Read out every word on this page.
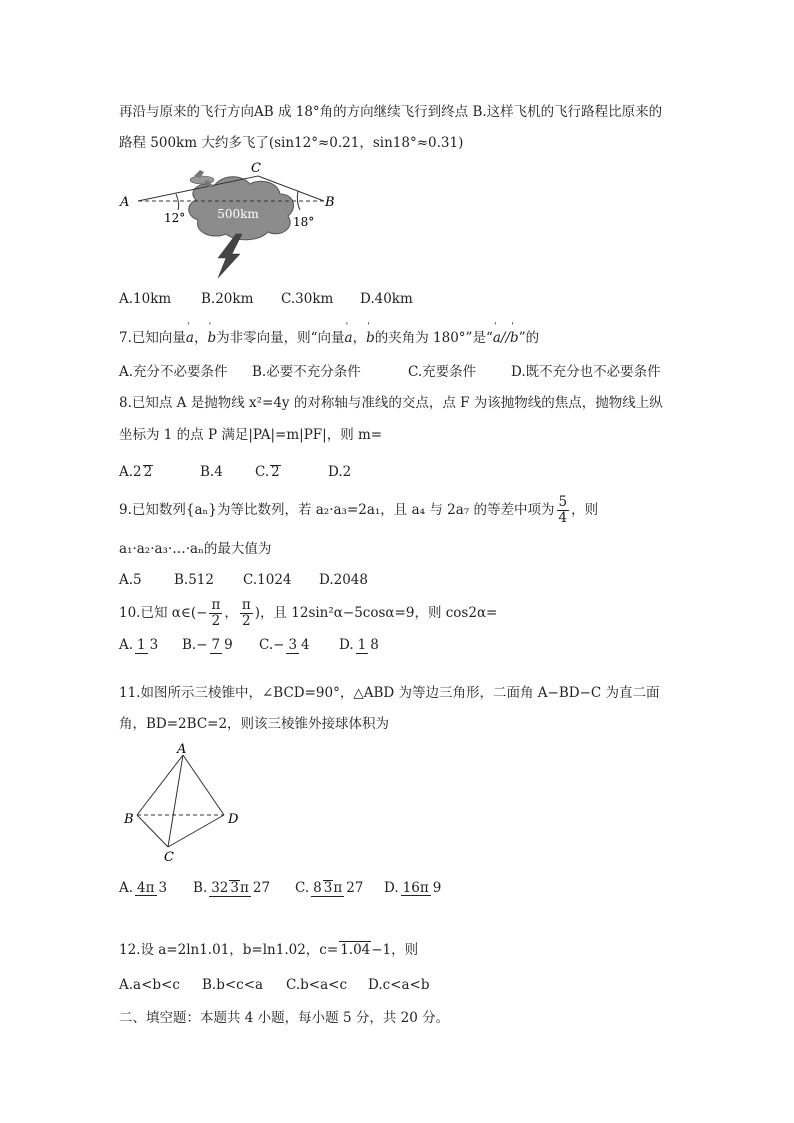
再沿与原来的飞行方向AB 成 18°角的方向继续飞行到终点 B.这样飞机的飞行路程比原来的
路程 500km 大约多飞了(sin12°≈0.21，sin18°≈0.31)
500km
A	B
C
12°	18°
A.10km B.20km C.30km D.40km
7.已知向量ˈ a，ˈ b为非零向量，则“向量ˈ a，ˈ b的夹角为 180°”是“ˈ a//ˈ b”的
A.充分不必要条件 B.必要不充分条件	C.充要条件	D.既不充分也不必要条件
8.已知点 A 是抛物线 x²=4y 的对称轴与准线的交点，点 F 为该抛物线的焦点，抛物线上纵
坐标为 1 的点 P 满足|PA|=m|PF|，则 m=
A.2 2	B.4 C. 2	D.2
9.已知数列{aₙ}为等比数列，若 a₂·a₃=2a₁，且 a₄ 与 2a₇ 的等差中项为 $\frac{5}{4}$ ，则
a₁·a₂·a₃·…·aₙ的最大值为
A.5 B.512 C.1024 D.2048
10.已知 α∈(− $\frac{\pi}{2}$ ， $\frac{\pi}{2}$ )，且 12sin²α−5cosα=9，则 cos2α=
A. 1 3 B.− 7 9 C.− 3 4 D. 1 8
11.如图所示三棱锥中，∠BCD=90°，△ABD 为等边三角形，二面角 A−BD−C 为直二面
角，BD=2BC=2，则该三棱锥外接球体积为
A
B
C
D
A. 4π 3 B. 32 3π 27 C. 8 3π 27 D. 16π 9
12.设 a=2ln1.01，b=ln1.02，c= 1.04−1，则
A.a<b<c B.b<c<a C.b<a<c D.c<a<b
二、填空题：本题共 4 小题，每小题 5 分，共 20 分。
